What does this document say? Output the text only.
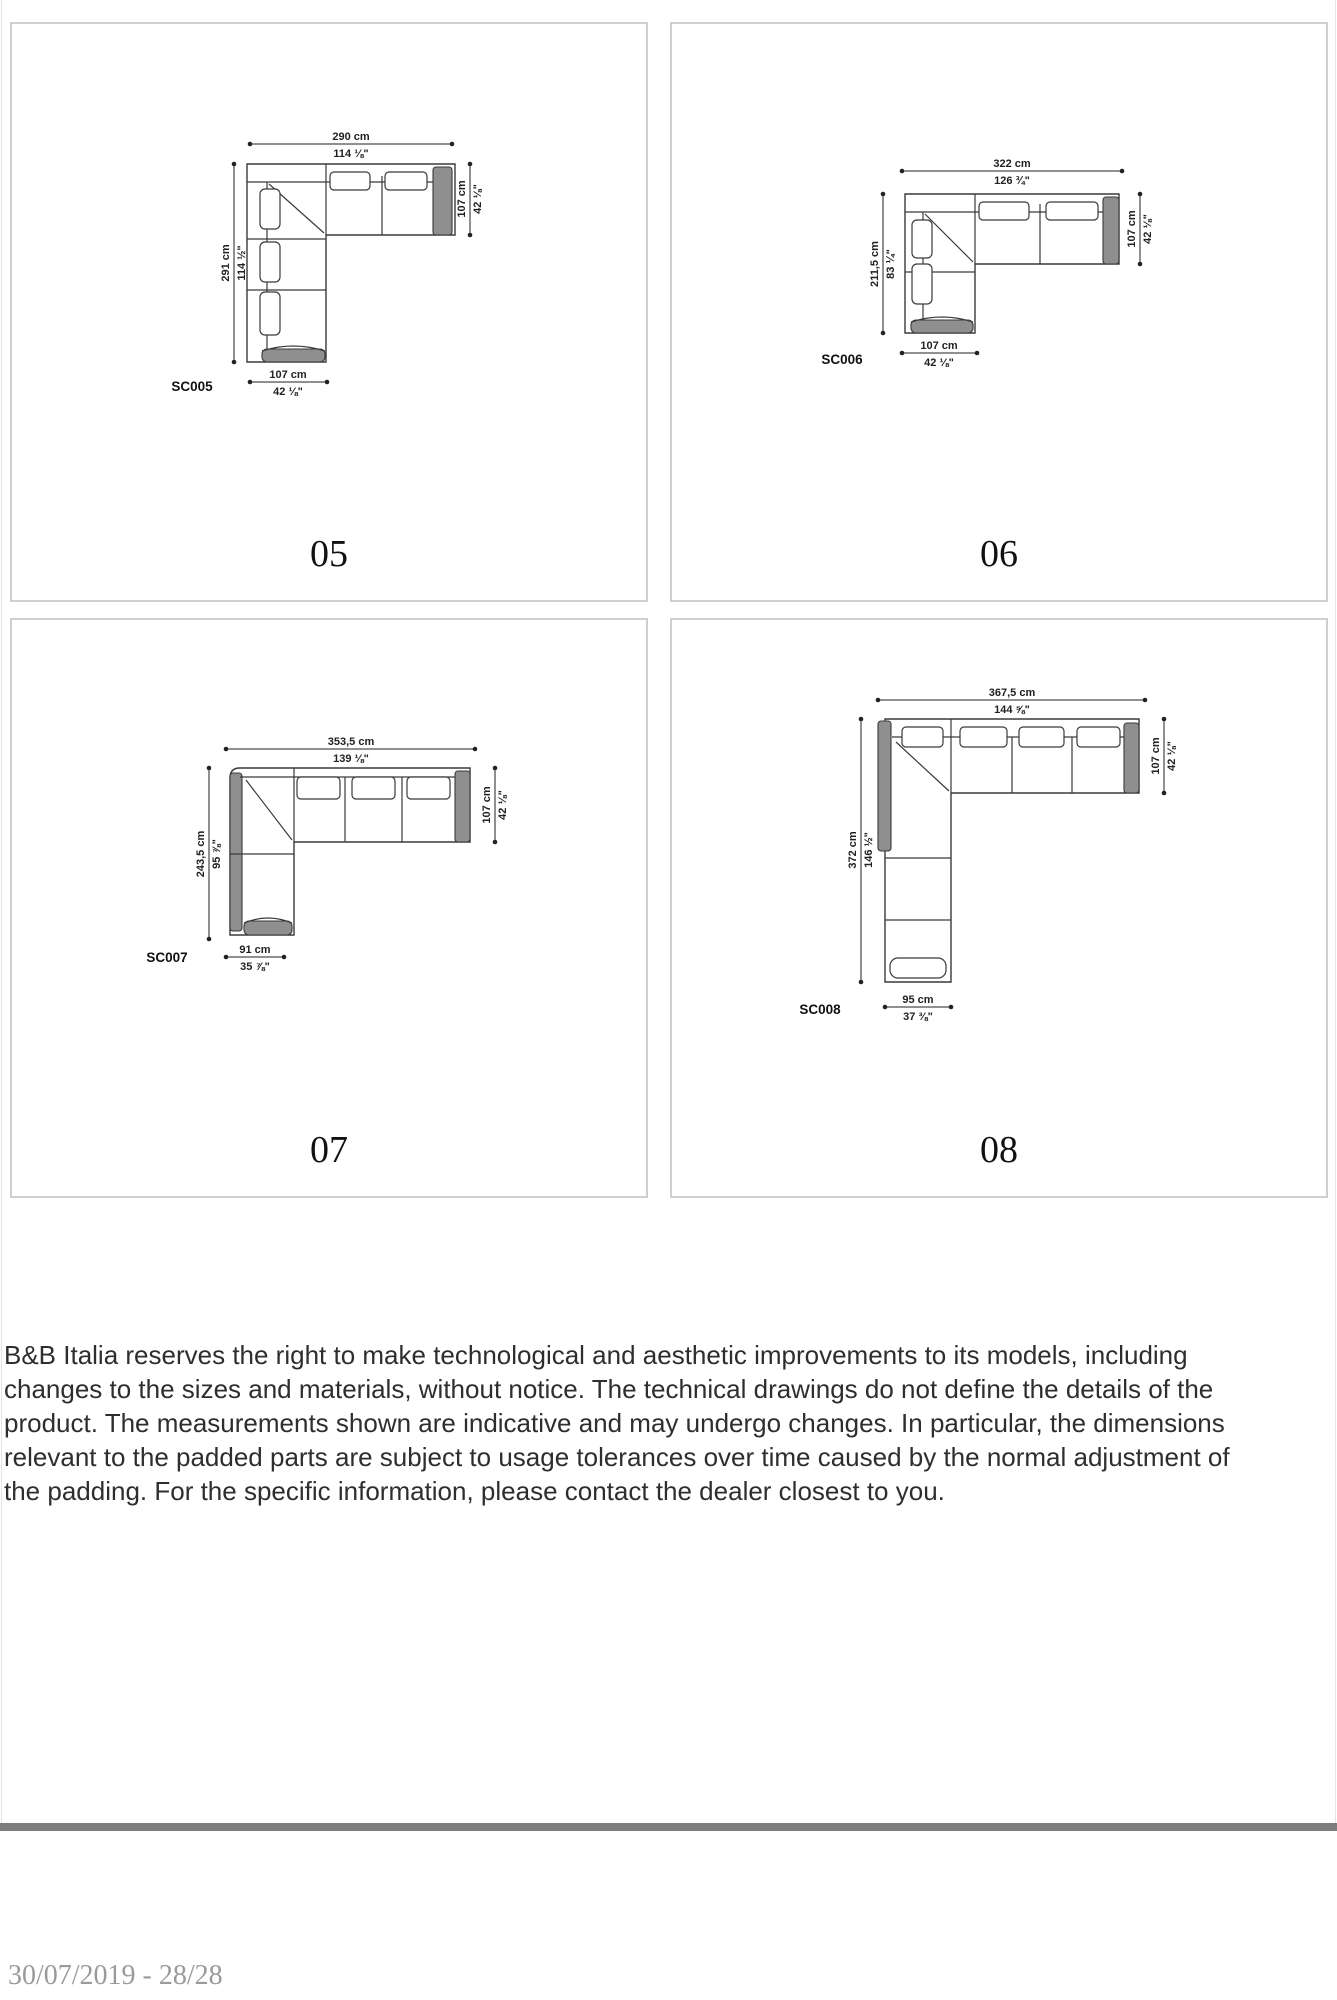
290 cm
114 ⅛"
291 cm 114 ½"
107 cm 42 ⅛"
107 cm
42 ⅛"
SC005
05
322 cm
126 ¾"
211,5 cm 83 ¼"
107 cm 42 ⅛"
107 cm
42 ⅛"
SC006
06
353,5 cm
139 ⅛"
243,5 cm 95 ⅞"
107 cm 42 ⅛"
91 cm
35 ⅞"
SC007
07
367,5 cm
144 ⅝"
372 cm 146 ½"
107 cm 42 ⅛"
95 cm
37 ⅜"
SC008
08
B&B Italia reserves the right to make technological and aesthetic improvements to its models, including
changes to the sizes and materials, without notice. The technical drawings do not define the details of the
product. The measurements shown are indicative and may undergo changes. In particular, the dimensions
relevant to the padded parts are subject to usage tolerances over time caused by the normal adjustment of
the padding. For the specific information, please contact the dealer closest to you.
30/07/2019 - 28/28
